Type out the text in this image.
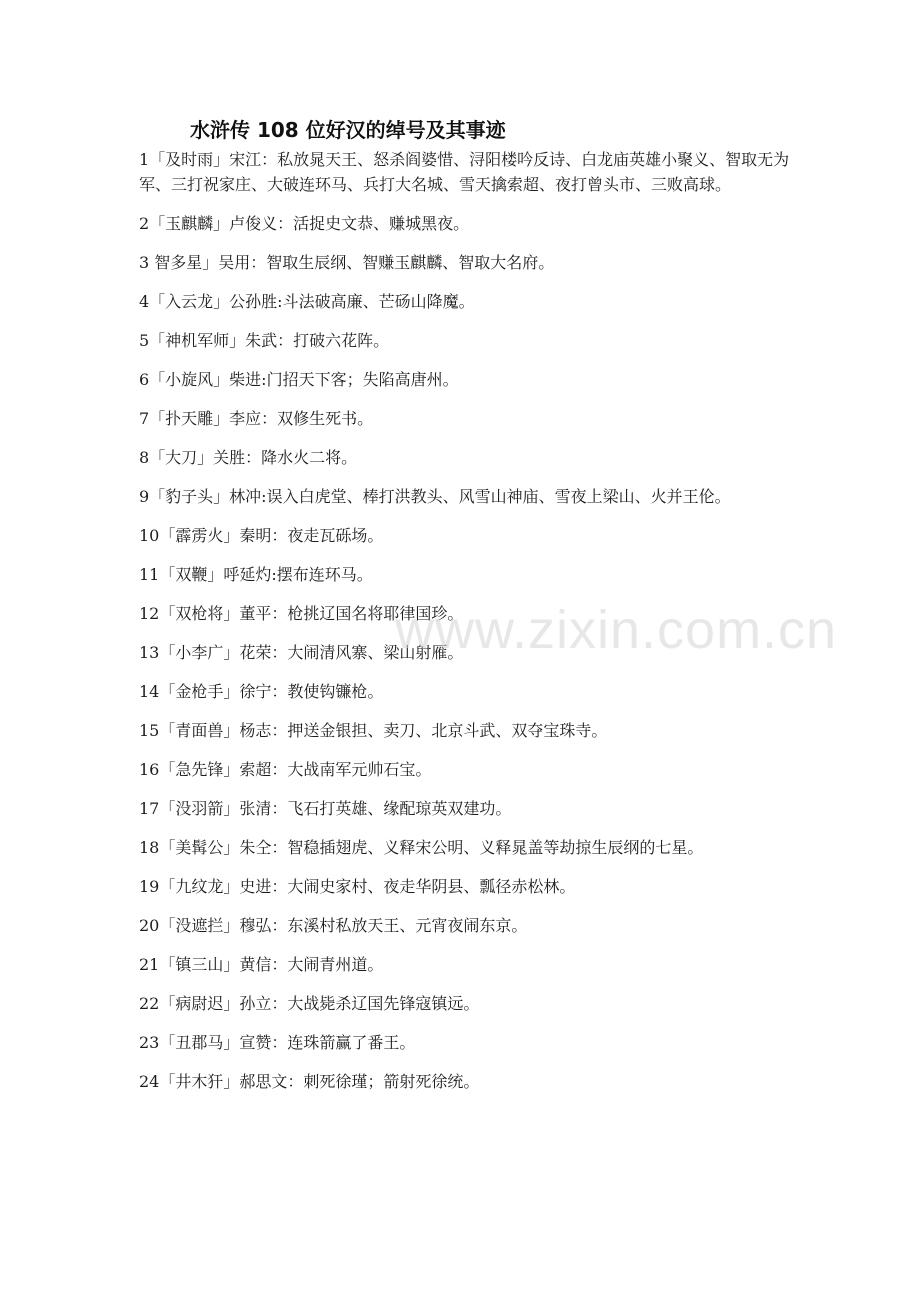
水浒传 108 位好汉的绰号及其事迹

1「及时雨」宋江：私放晁天王、怒杀阎婆惜、浔阳楼吟反诗、白龙庙英雄小聚义、智取无为军、三打祝家庄、大破连环马、兵打大名城、雪天擒索超、夜打曾头市、三败高球。

2「玉麒麟」卢俊义：活捉史文恭、赚城黑夜。

3 智多星」吴用：智取生辰纲、智赚玉麒麟、智取大名府。

4「入云龙」公孙胜:斗法破高廉、芒砀山降魔。

5「神机军师」朱武：打破六花阵。

6「小旋风」柴进:门招天下客；失陷高唐州。

7「扑天雕」李应：双修生死书。

8「大刀」关胜：降水火二将。

9「豹子头」林冲:误入白虎堂、棒打洪教头、风雪山神庙、雪夜上梁山、火并王伦。

10「霹雳火」秦明：夜走瓦砾场。

11「双鞭」呼延灼:摆布连环马。

12「双枪将」董平：枪挑辽国名将耶律国珍。

13「小李广」花荣：大闹清风寨、梁山射雁。

14「金枪手」徐宁：教使钩镰枪。

15「青面兽」杨志：押送金银担、卖刀、北京斗武、双夺宝珠寺。

16「急先锋」索超：大战南军元帅石宝。

17「没羽箭」张清：飞石打英雄、缘配琼英双建功。

18「美髯公」朱仝：智稳插翅虎、义释宋公明、义释晁盖等劫掠生辰纲的七星。

19「九纹龙」史进：大闹史家村、夜走华阴县、瓢径赤松林。

20「没遮拦」穆弘：东溪村私放天王、元宵夜闹东京。

21「镇三山」黄信：大闹青州道。

22「病尉迟」孙立：大战毙杀辽国先锋寇镇远。

23「丑郡马」宣赞：连珠箭赢了番王。

24「井木犴」郝思文：刺死徐瑾；箭射死徐统。

www.zixin.com.cn
